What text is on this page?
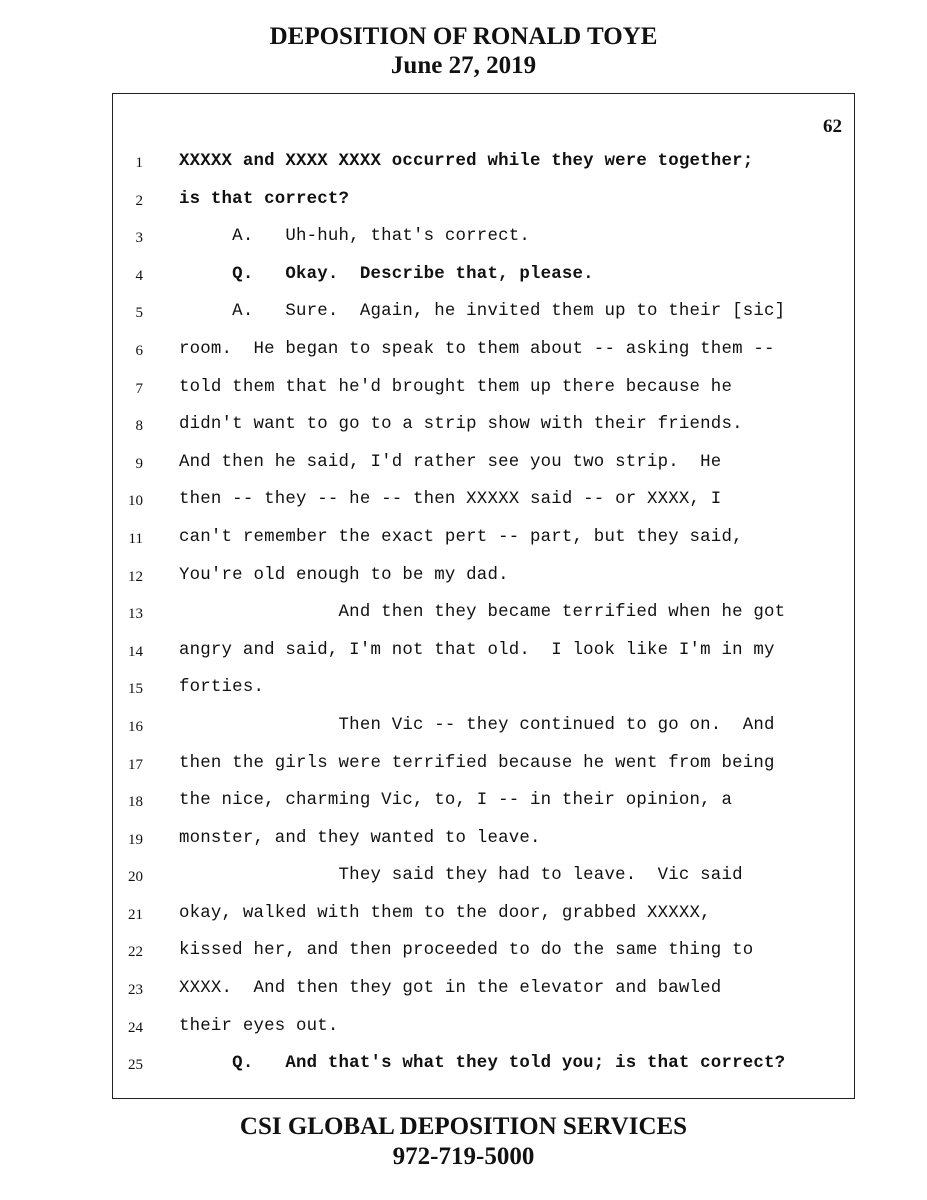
DEPOSITION OF RONALD TOYE
June 27, 2019
62
1 XXXXX and XXXX XXXX occurred while they were together;
2 is that correct?
3 A.   Uh-huh, that's correct.
4 Q.   Okay.  Describe that, please.
5 A.   Sure.  Again, he invited them up to their [sic]
6 room.  He began to speak to them about -- asking them --
7 told them that he'd brought them up there because he
8 didn't want to go to a strip show with their friends.
9 And then he said, I'd rather see you two strip.  He
10 then -- they -- he -- then XXXXX said -- or XXXX, I
11 can't remember the exact pert -- part, but they said,
12 You're old enough to be my dad.
13 And then they became terrified when he got
14 angry and said, I'm not that old.  I look like I'm in my
15 forties.
16 Then Vic -- they continued to go on.  And
17 then the girls were terrified because he went from being
18 the nice, charming Vic, to, I -- in their opinion, a
19 monster, and they wanted to leave.
20 They said they had to leave.  Vic said
21 okay, walked with them to the door, grabbed XXXXX,
22 kissed her, and then proceeded to do the same thing to
23 XXXX.  And then they got in the elevator and bawled
24 their eyes out.
25 Q.   And that's what they told you; is that correct?
CSI GLOBAL DEPOSITION SERVICES
972-719-5000
